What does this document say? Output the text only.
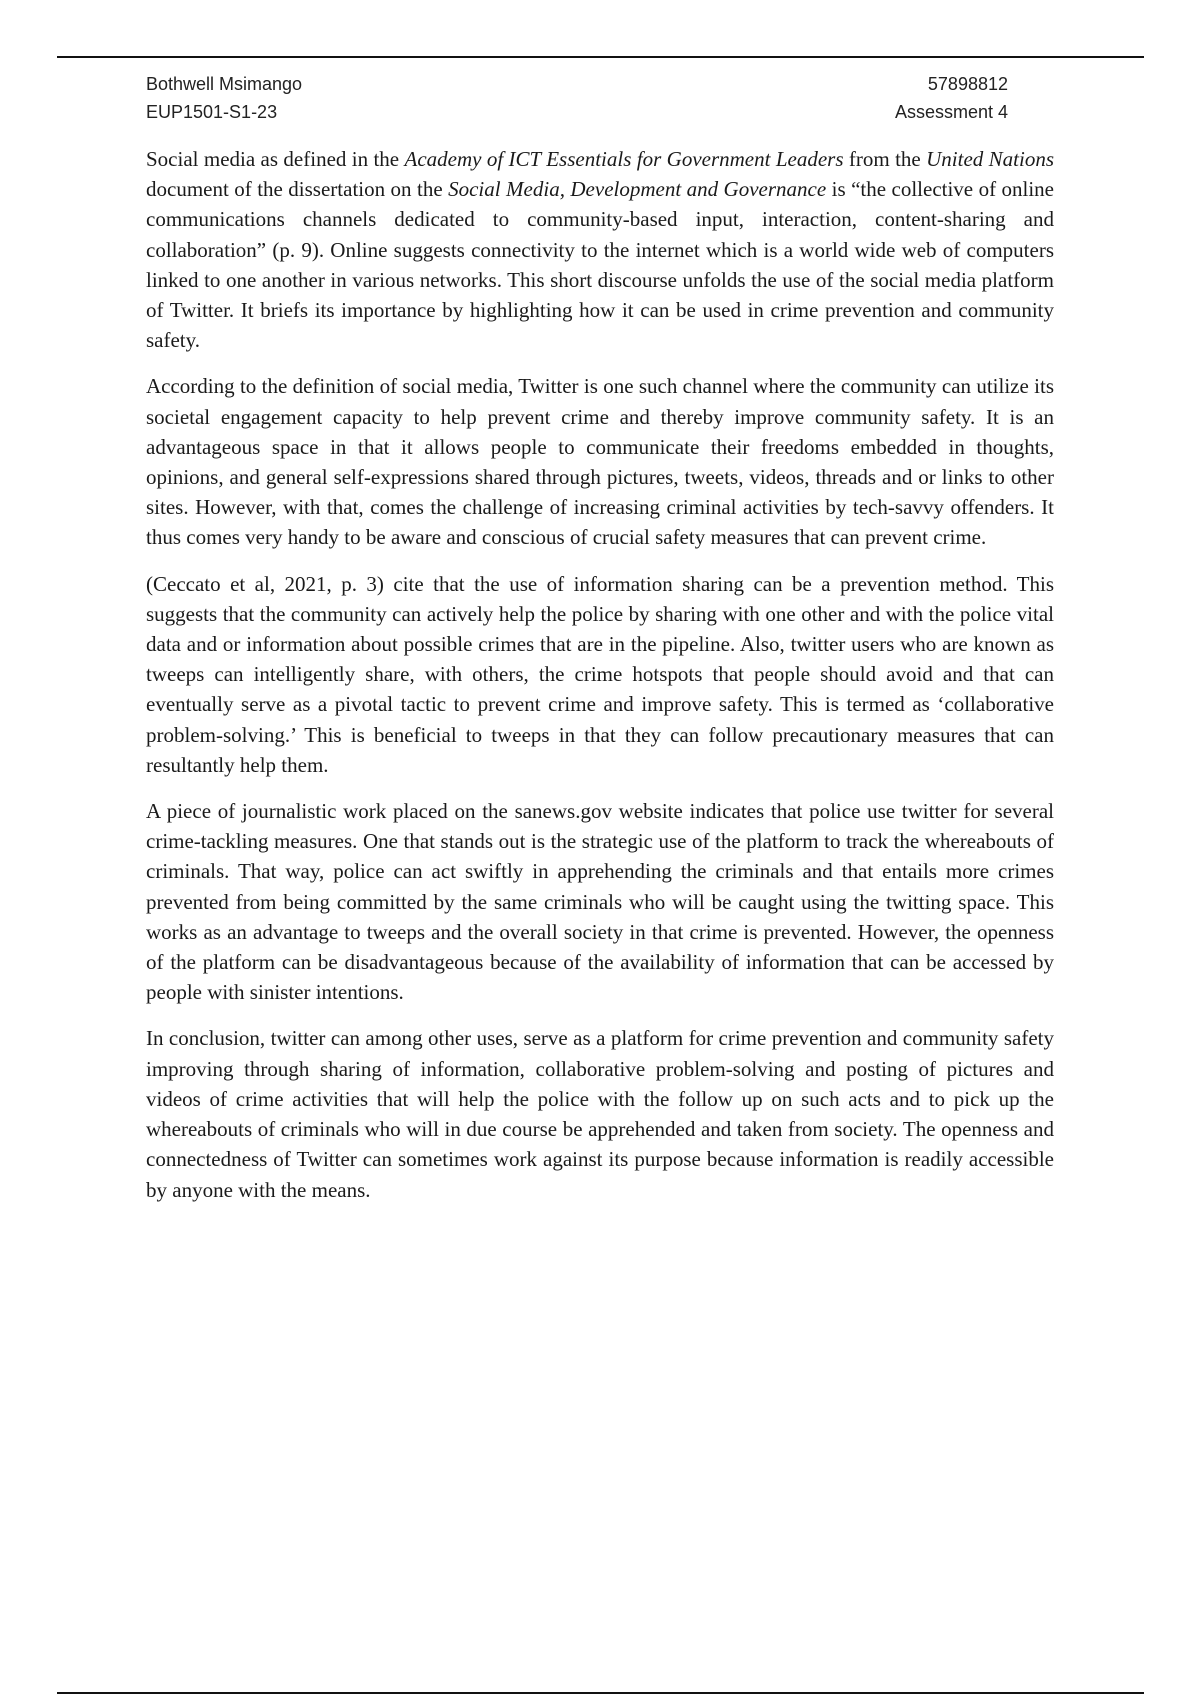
Bothwell Msimango	57898812
EUP1501-S1-23	Assessment 4

Social media as defined in the Academy of ICT Essentials for Government Leaders from the United Nations document of the dissertation on the Social Media, Development and Governance is “the collective of online communications channels dedicated to community-based input, interaction, content-sharing and collaboration” (p. 9). Online suggests connectivity to the internet which is a world wide web of computers linked to one another in various networks. This short discourse unfolds the use of the social media platform of Twitter. It briefs its importance by highlighting how it can be used in crime prevention and community safety.

According to the definition of social media, Twitter is one such channel where the community can utilize its societal engagement capacity to help prevent crime and thereby improve community safety. It is an advantageous space in that it allows people to communicate their freedoms embedded in thoughts, opinions, and general self-expressions shared through pictures, tweets, videos, threads and or links to other sites. However, with that, comes the challenge of increasing criminal activities by tech-savvy offenders. It thus comes very handy to be aware and conscious of crucial safety measures that can prevent crime.

(Ceccato et al, 2021, p. 3) cite that the use of information sharing can be a prevention method. This suggests that the community can actively help the police by sharing with one other and with the police vital data and or information about possible crimes that are in the pipeline. Also, twitter users who are known as tweeps can intelligently share, with others, the crime hotspots that people should avoid and that can eventually serve as a pivotal tactic to prevent crime and improve safety. This is termed as ‘collaborative problem-solving.’ This is beneficial to tweeps in that they can follow precautionary measures that can resultantly help them.

A piece of journalistic work placed on the sanews.gov website indicates that police use twitter for several crime-tackling measures. One that stands out is the strategic use of the platform to track the whereabouts of criminals. That way, police can act swiftly in apprehending the criminals and that entails more crimes prevented from being committed by the same criminals who will be caught using the twitting space. This works as an advantage to tweeps and the overall society in that crime is prevented. However, the openness of the platform can be disadvantageous because of the availability of information that can be accessed by people with sinister intentions.

In conclusion, twitter can among other uses, serve as a platform for crime prevention and community safety improving through sharing of information, collaborative problem-solving and posting of pictures and videos of crime activities that will help the police with the follow up on such acts and to pick up the whereabouts of criminals who will in due course be apprehended and taken from society. The openness and connectedness of Twitter can sometimes work against its purpose because information is readily accessible by anyone with the means.
